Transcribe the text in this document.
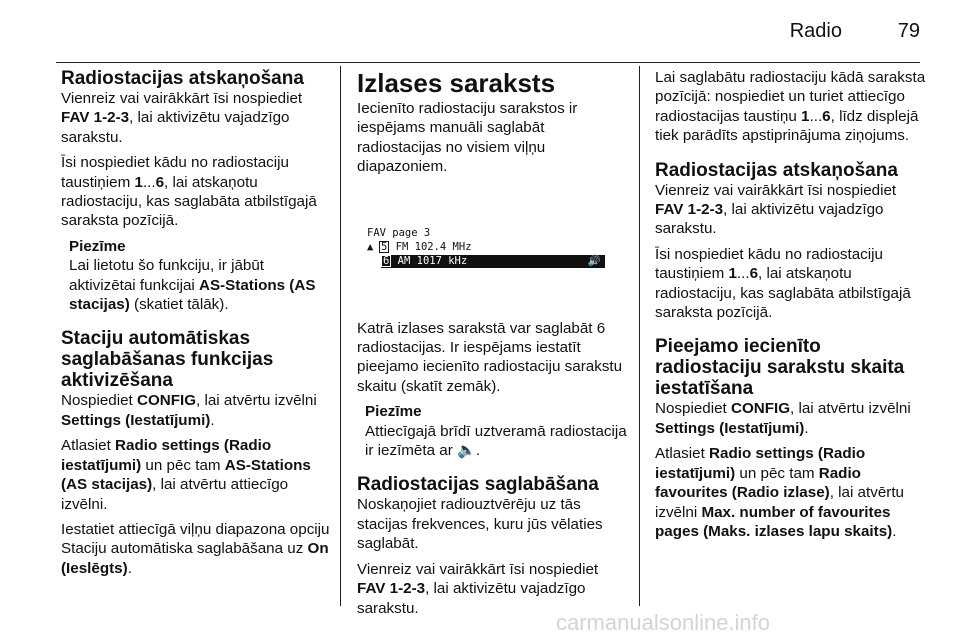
Radio	79
Radiostacijas atskaņošana

Vienreiz vai vairākkārt īsi nospiediet FAV 1-2-3, lai aktivizētu vajadzīgo sarakstu.

Īsi nospiediet kādu no radiostaciju taustiņiem 1...6, lai atskaņotu radiostaciju, kas saglabāta atbilstīgajā saraksta pozīcijā.

Piezīme

Lai lietotu šo funkciju, ir jābūt aktivizētai funkcijai AS-Stations (AS stacijas) (skatiet tālāk).

Staciju automātiskas saglabāšanas funkcijas aktivizēšana

Nospiediet CONFIG, lai atvērtu izvēlni Settings (Iestatījumi).

Atlasiet Radio settings (Radio iestatījumi) un pēc tam AS-Stations (AS stacijas), lai atvērtu attiecīgo izvēlni.

Iestatiet attiecīgā viļņu diapazona opciju Staciju automātiska saglabāšana uz On (Ieslēgts).

Izlases saraksts

Iecienīto radiostaciju sarakstos ir iespējams manuāli saglabāt radiostacijas no visiem viļņu diapazoniem.

FAV page 3
▲ 5 FM 102.4 MHz
6 AM 1017 kHz	🔊

Katrā izlases sarakstā var saglabāt 6 radiostacijas. Ir iespējams iestatīt pieejamo iecienīto radiostaciju sarakstu skaitu (skatīt zemāk).

Piezīme

Attiecīgajā brīdī uztveramā radiostacija ir iezīmēta ar 🔈.

Radiostacijas saglabāšana

Noskaņojiet radiouztvērēju uz tās stacijas frekvences, kuru jūs vēlaties saglabāt.

Vienreiz vai vairākkārt īsi nospiediet FAV 1-2-3, lai aktivizētu vajadzīgo sarakstu.

Lai saglabātu radiostaciju kādā saraksta pozīcijā: nospiediet un turiet attiecīgo radiostacijas taustiņu 1...6, līdz displejā tiek parādīts apstiprinājuma ziņojums.

Radiostacijas atskaņošana

Vienreiz vai vairākkārt īsi nospiediet FAV 1-2-3, lai aktivizētu vajadzīgo sarakstu.

Īsi nospiediet kādu no radiostaciju taustiņiem 1...6, lai atskaņotu radiostaciju, kas saglabāta atbilstīgajā saraksta pozīcijā.

Pieejamo iecienīto radiostaciju sarakstu skaita iestatīšana

Nospiediet CONFIG, lai atvērtu izvēlni Settings (Iestatījumi).

Atlasiet Radio settings (Radio iestatījumi) un pēc tam Radio favourites (Radio izlase), lai atvērtu izvēlni Max. number of favourites pages (Maks. izlases lapu skaits).

carmanualsonline.info
